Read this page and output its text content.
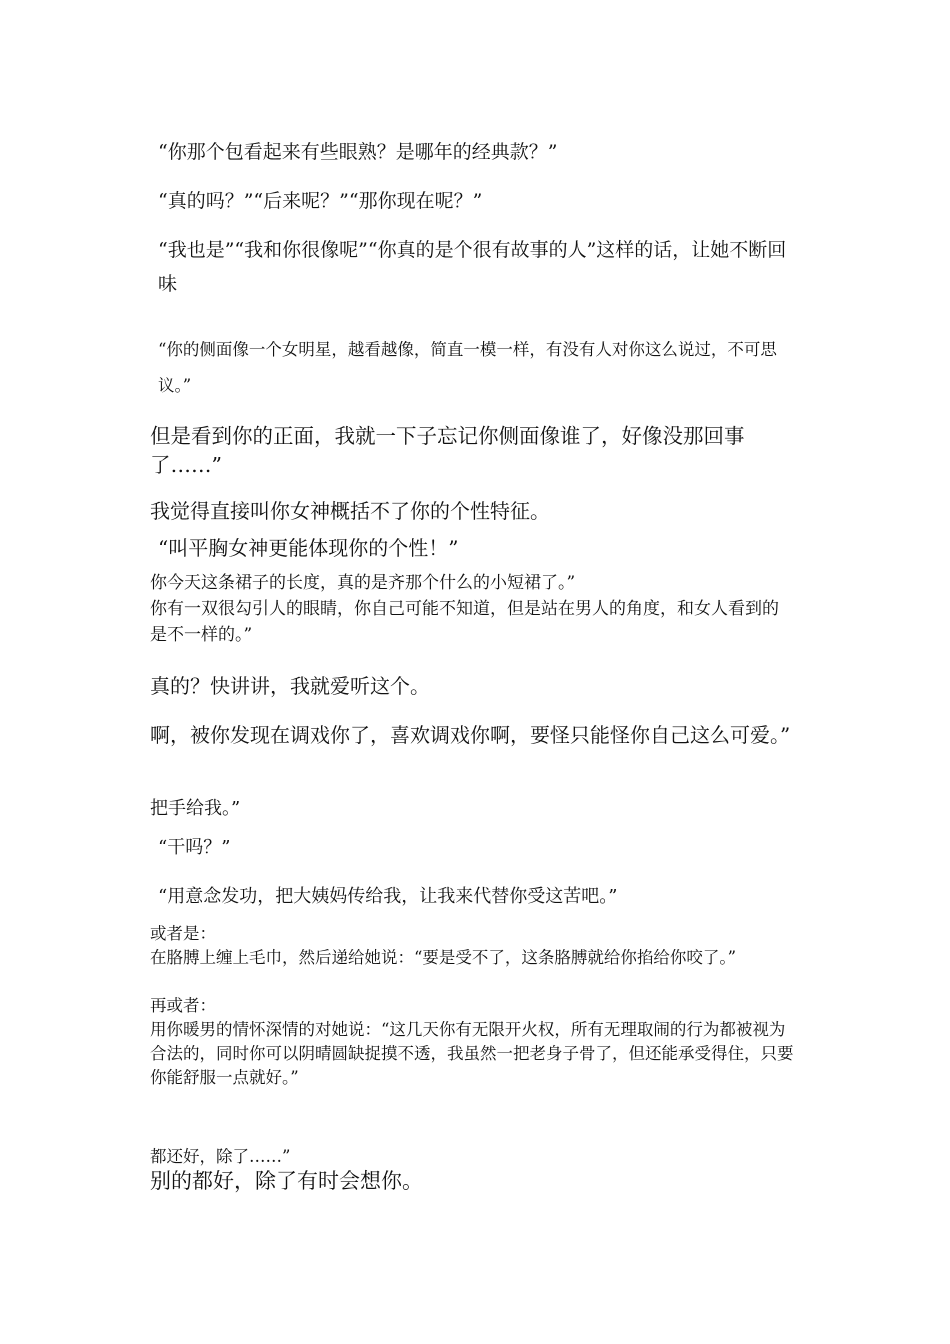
“你那个包看起来有些眼熟？是哪年的经典款？”

“真的吗？”“后来呢？”“那你现在呢？”

“我也是”“我和你很像呢”“你真的是个很有故事的人”这样的话，让她不断回味

“你的侧面像一个女明星，越看越像，简直一模一样，有没有人对你这么说过，不可思议。”

但是看到你的正面，我就一下子忘记你侧面像谁了，好像没那回事了……”

我觉得直接叫你女神概括不了你的个性特征。

“叫平胸女神更能体现你的个性！”

你今天这条裙子的长度，真的是齐那个什么的小短裙了。”

你有一双很勾引人的眼睛，你自己可能不知道，但是站在男人的角度，和女人看到的是不一样的。”

真的？快讲讲，我就爱听这个。

啊，被你发现在调戏你了，喜欢调戏你啊，要怪只能怪你自己这么可爱。”

把手给我。”

“干吗？”

“用意念发功，把大姨妈传给我，让我来代替你受这苦吧。”

或者是：

在胳膊上缠上毛巾，然后递给她说：“要是受不了，这条胳膊就给你掐给你咬了。”

再或者：

用你暖男的情怀深情的对她说：“这几天你有无限开火权，所有无理取闹的行为都被视为合法的，同时你可以阴晴圆缺捉摸不透，我虽然一把老身子骨了，但还能承受得住，只要你能舒服一点就好。”

都还好，除了……”

别的都好，除了有时会想你。
